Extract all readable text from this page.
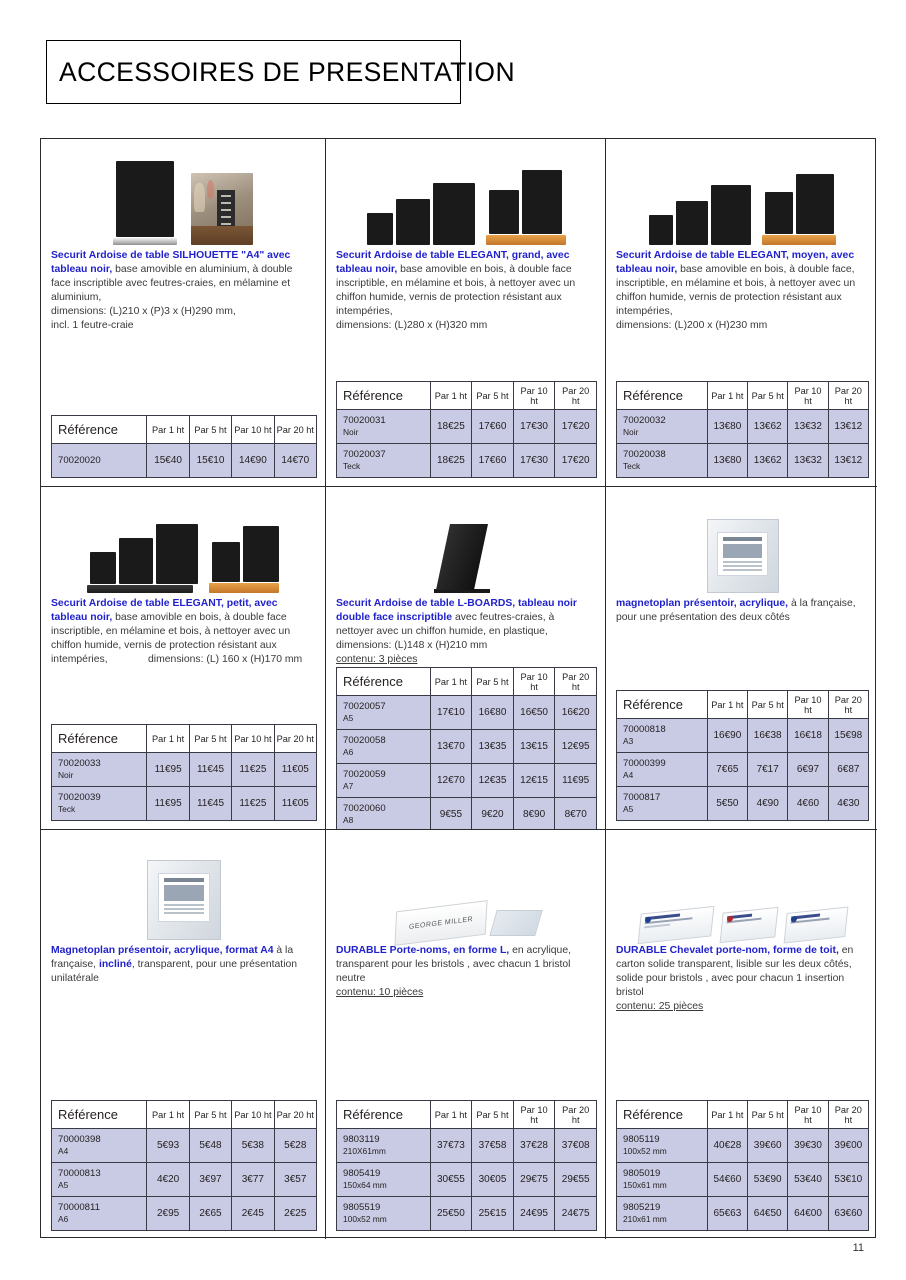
ACCESSOIRES DE PRESENTATION
Securit Ardoise de table SILHOUETTE "A4" avec tableau noir, base amovible en aluminium, à double face inscriptible avec feutres-craies, en mélamine et aluminium,
dimensions: (L)210 x (P)3 x (H)290 mm,
incl. 1 feutre-craie
Référence	Par 1 ht	Par 5 ht	Par 10 ht	Par 20 ht
70020020	15€40	15€10	14€90	14€70
Securit Ardoise de table ELEGANT, grand, avec tableau noir, base amovible en bois, à double face inscriptible, en mélamine et bois, à nettoyer avec un chiffon humide, vernis de protection résistant aux intempéries,
dimensions: (L)280 x (H)320 mm
Référence	Par 1 ht	Par 5 ht	Par 10 ht	Par 20 ht
70020031
Noir	18€25	17€60	17€30	17€20
70020037
Teck	18€25	17€60	17€30	17€20
Securit Ardoise de table ELEGANT, moyen, avec tableau noir, base amovible en bois, à double face, inscriptible, en mélamine et bois, à nettoyer avec un chiffon humide, vernis de protection résistant aux intempéries,
dimensions: (L)200 x (H)230 mm
Référence	Par 1 ht	Par 5 ht	Par 10 ht	Par 20 ht
70020032
Noir	13€80	13€62	13€32	13€12
70020038
Teck	13€80	13€62	13€32	13€12
Securit Ardoise de table ELEGANT, petit, avec tableau noir, base amovible en bois, à double face inscriptible, en mélamine et bois, à nettoyer avec un chiffon humide, vernis de protection résistant aux intempéries,	dimensions: (L) 160 x (H)170 mm
Référence	Par 1 ht	Par 5 ht	Par 10 ht	Par 20 ht
70020033
Noir	11€95	11€45	11€25	11€05
70020039
Teck	11€95	11€45	11€25	11€05
Securit Ardoise de table L-BOARDS, tableau noir double face inscriptible avec feutres-craies, à nettoyer avec un chiffon humide, en plastique, dimensions: (L)148 x (H)210 mm
contenu: 3 pièces
Référence	Par 1 ht	Par 5 ht	Par 10 ht	Par 20 ht
70020057
A5	17€10	16€80	16€50	16€20
70020058
A6	13€70	13€35	13€15	12€95
70020059
A7	12€70	12€35	12€15	11€95
70020060
A8	9€55	9€20	8€90	8€70
magnetoplan présentoir, acrylique, à la française, pour une présentation des deux côtés
Référence	Par 1 ht	Par 5 ht	Par 10 ht	Par 20 ht
70000818
A3	16€90	16€38	16€18	15€98
70000399
A4	7€65	7€17	6€97	6€87
7000817
A5	5€50	4€90	4€60	4€30
Magnetoplan présentoir, acrylique, format A4 à la française, incliné, transparent, pour une présentation unilatérale
Référence	Par 1 ht	Par 5 ht	Par 10 ht	Par 20 ht
70000398
A4	5€93	5€48	5€38	5€28
70000813
A5	4€20	3€97	3€77	3€57
70000811
A6	2€95	2€65	2€45	2€25
GEORGE MILLER
DURABLE Porte-noms, en forme L, en acrylique, transparent pour les bristols , avec chacun 1 bristol neutre
contenu: 10 pièces
Référence	Par 1 ht	Par 5 ht	Par 10 ht	Par 20 ht
9803119
210X61mm	37€73	37€58	37€28	37€08
9805419
150x64 mm	30€55	30€05	29€75	29€55
9805519
100x52 mm	25€50	25€15	24€95	24€75
DURABLE Chevalet porte-nom, forme de toit, en carton solide transparent, lisible sur les deux côtés, solide pour bristols , avec pour chacun 1 insertion bristol
contenu: 25 pièces
Référence	Par 1 ht	Par 5 ht	Par 10 ht	Par 20 ht
9805119
100x52 mm	40€28	39€60	39€30	39€00
9805019
150x61 mm	54€60	53€90	53€40	53€10
9805219
210x61 mm	65€63	64€50	64€00	63€60
11
